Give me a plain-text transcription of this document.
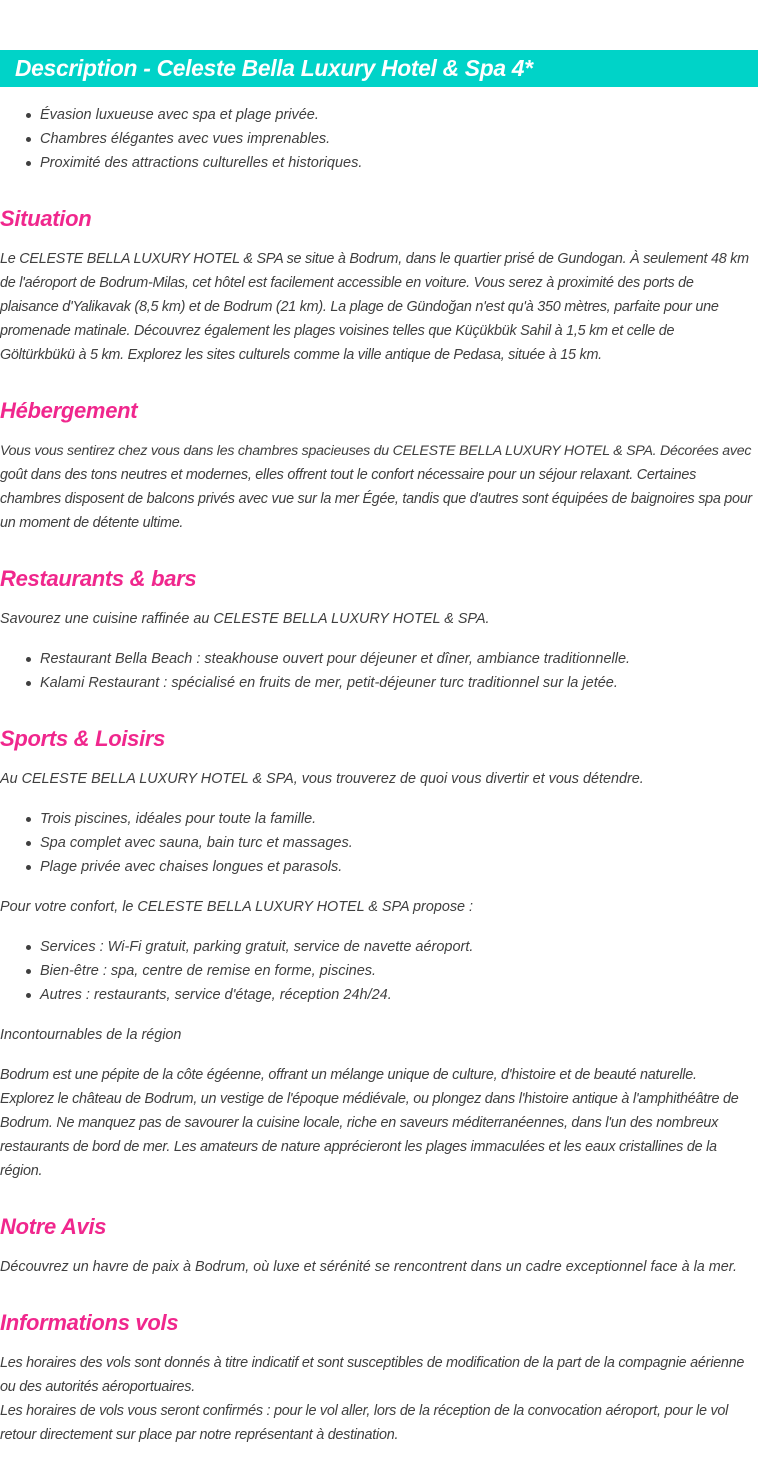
Description - Celeste Bella Luxury Hotel & Spa 4*
Évasion luxueuse avec spa et plage privée.
Chambres élégantes avec vues imprenables.
Proximité des attractions culturelles et historiques.
Situation
Le CELESTE BELLA LUXURY HOTEL & SPA se situe à Bodrum, dans le quartier prisé de Gundogan. À seulement 48 km
de l'aéroport de Bodrum-Milas, cet hôtel est facilement accessible en voiture. Vous serez à proximité des ports de
plaisance d'Yalikavak (8,5 km) et de Bodrum (21 km). La plage de Gündoğan n'est qu'à 350 mètres, parfaite pour une
promenade matinale. Découvrez également les plages voisines telles que Küçükbük Sahil à 1,5 km et celle de
Göltürkbükü à 5 km. Explorez les sites culturels comme la ville antique de Pedasa, située à 15 km.
Hébergement
Vous vous sentirez chez vous dans les chambres spacieuses du CELESTE BELLA LUXURY HOTEL & SPA. Décorées avec
goût dans des tons neutres et modernes, elles offrent tout le confort nécessaire pour un séjour relaxant. Certaines
chambres disposent de balcons privés avec vue sur la mer Égée, tandis que d'autres sont équipées de baignoires spa pour
un moment de détente ultime.
Restaurants & bars
Savourez une cuisine raffinée au CELESTE BELLA LUXURY HOTEL & SPA.
Restaurant Bella Beach : steakhouse ouvert pour déjeuner et dîner, ambiance traditionnelle.
Kalami Restaurant : spécialisé en fruits de mer, petit-déjeuner turc traditionnel sur la jetée.
Sports & Loisirs
Au CELESTE BELLA LUXURY HOTEL & SPA, vous trouverez de quoi vous divertir et vous détendre.
Trois piscines, idéales pour toute la famille.
Spa complet avec sauna, bain turc et massages.
Plage privée avec chaises longues et parasols.
Pour votre confort, le CELESTE BELLA LUXURY HOTEL & SPA propose :
Services : Wi-Fi gratuit, parking gratuit, service de navette aéroport.
Bien-être : spa, centre de remise en forme, piscines.
Autres : restaurants, service d'étage, réception 24h/24.
Incontournables de la région
Bodrum est une pépite de la côte égéenne, offrant un mélange unique de culture, d'histoire et de beauté naturelle.
Explorez le château de Bodrum, un vestige de l'époque médiévale, ou plongez dans l'histoire antique à l'amphithéâtre de
Bodrum. Ne manquez pas de savourer la cuisine locale, riche en saveurs méditerranéennes, dans l'un des nombreux
restaurants de bord de mer. Les amateurs de nature apprécieront les plages immaculées et les eaux cristallines de la
région.
Notre Avis
Découvrez un havre de paix à Bodrum, où luxe et sérénité se rencontrent dans un cadre exceptionnel face à la mer.
Informations vols
Les horaires des vols sont donnés à titre indicatif et sont susceptibles de modification de la part de la compagnie aérienne
ou des autorités aéroportuaires.
Les horaires de vols vous seront confirmés : pour le vol aller, lors de la réception de la convocation aéroport, pour le vol
retour directement sur place par notre représentant à destination.
